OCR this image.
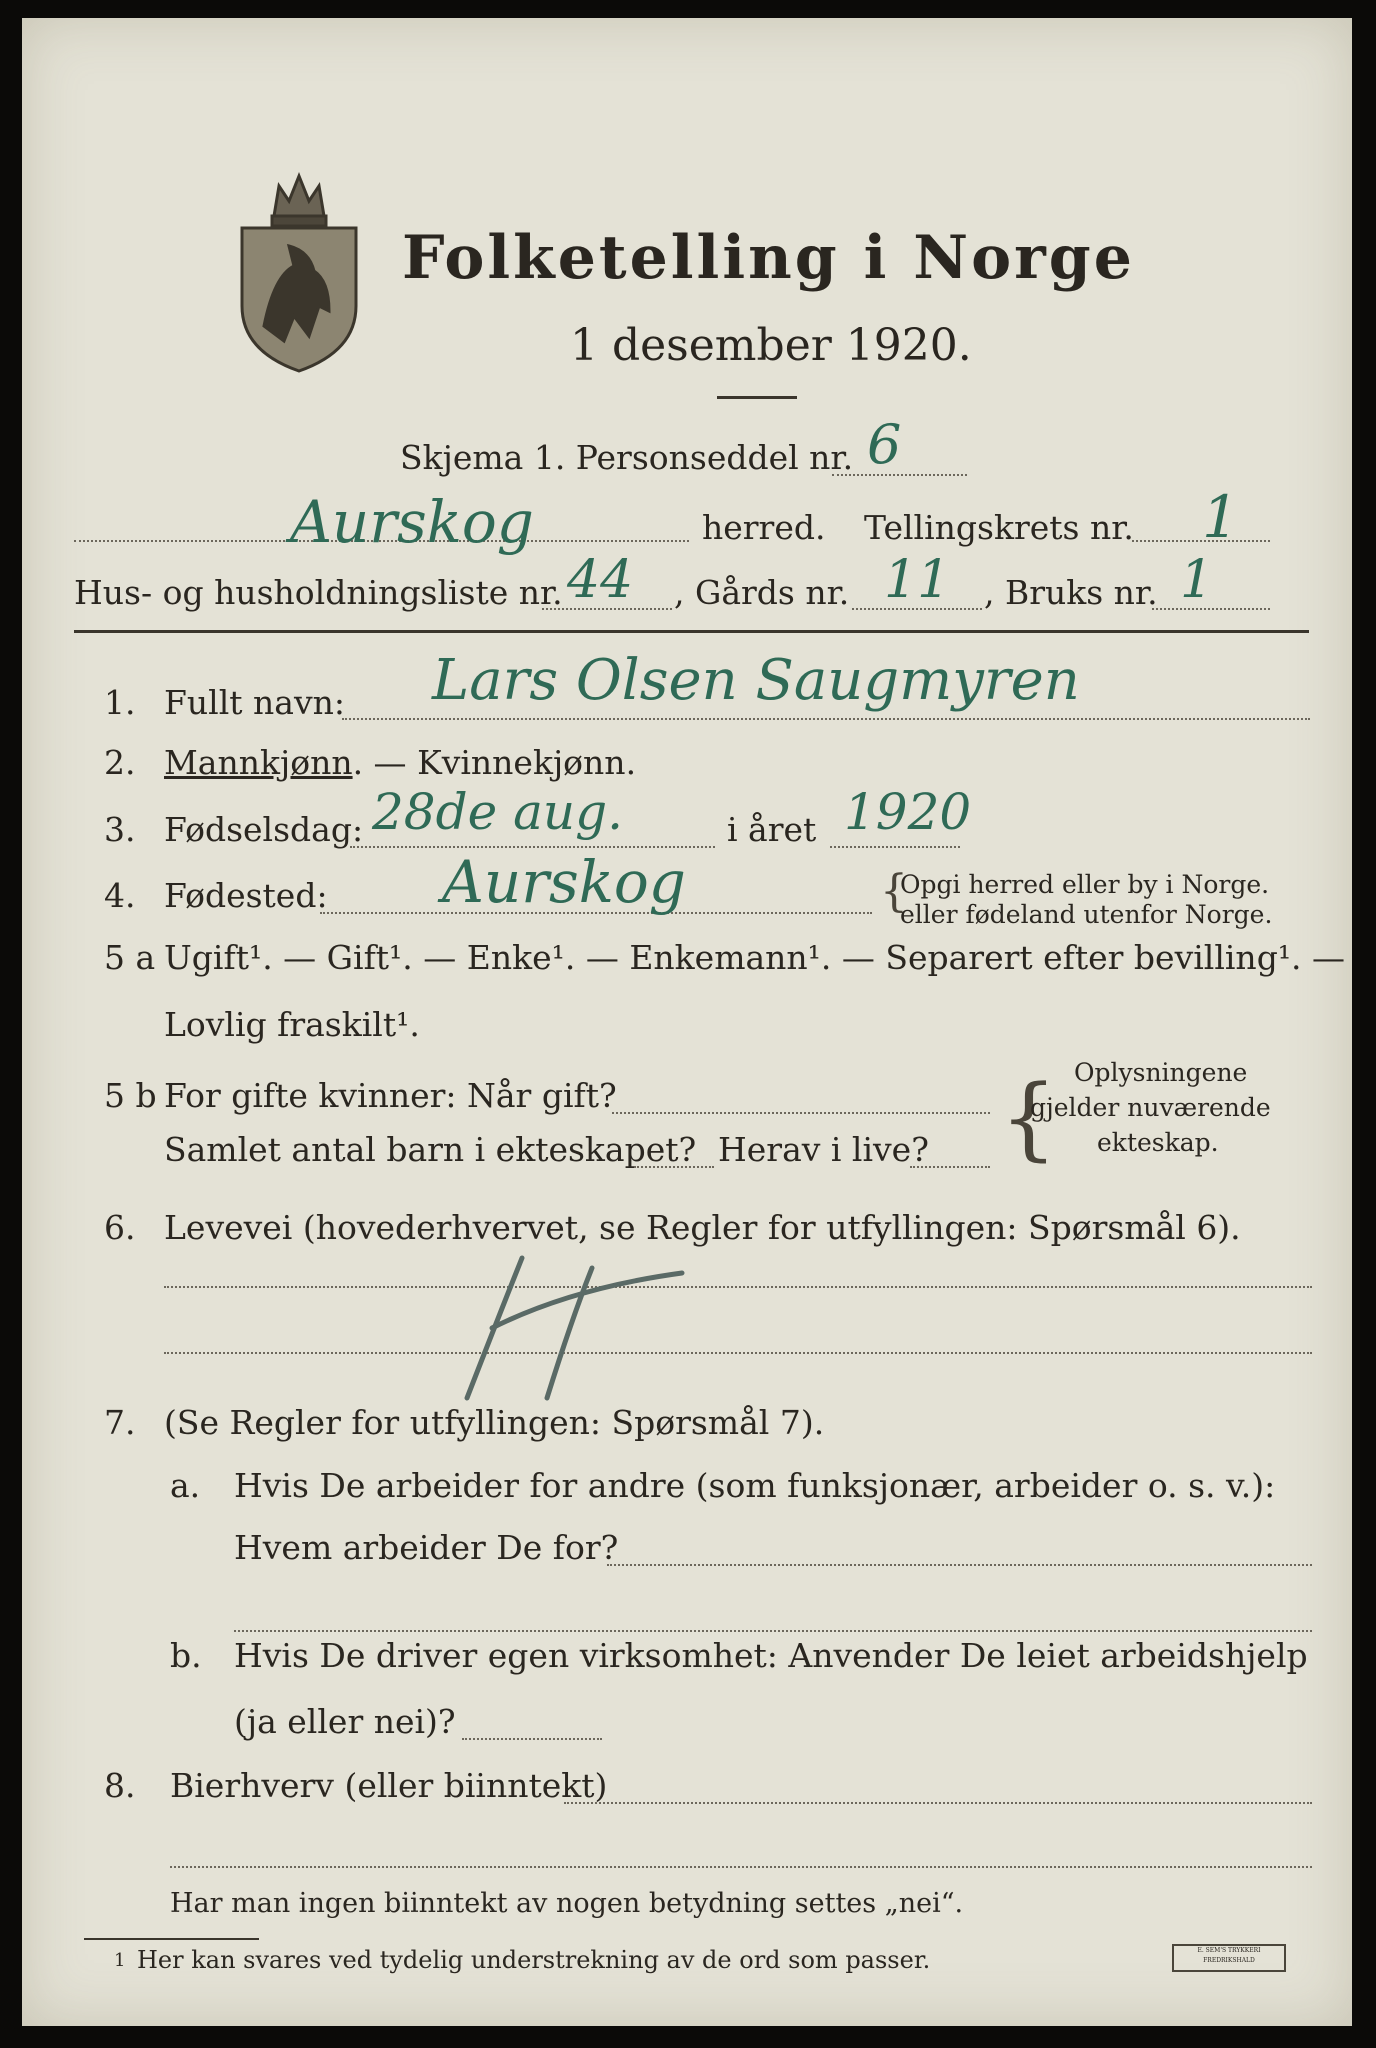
Folketelling i Norge
1 desember 1920.
Skjema 1. Personseddel nr. 6
Aurskog	herred. Tellingskrets nr. 1
Hus- og husholdningsliste nr. 44 , Gårds nr. 11 , Bruks nr. 1
1. Fullt navn: Lars Olsen Saugmyren
2. Mannkjønn. — Kvinnekjønn.
3. Fødselsdag: 28de aug.	i året 1920
4. Fødested: Aurskog	{
Opgi herred eller by i Norge.
eller fødeland utenfor Norge.
5 a Ugift¹. — Gift¹. — Enke¹. — Enkemann¹. — Separert efter bevilling¹. —
Lovlig fraskilt¹.
5 b For gifte kvinner: Når gift?
Samlet antal barn i ekteskapet? Herav i live? { Oplysningene
gjelder nuværende
ekteskap.
6. Levevei (hovederhvervet, se Regler for utfyllingen: Spørsmål 6).
7. (Se Regler for utfyllingen: Spørsmål 7).
a. Hvis De arbeider for andre (som funksjonær, arbeider o. s. v.):
Hvem arbeider De for?
b. Hvis De driver egen virksomhet: Anvender De leiet arbeidshjelp
(ja eller nei)?
8. Bierhverv (eller biinntekt)
Har man ingen biinntekt av nogen betydning settes „nei“.
1 Her kan svares ved tydelig understrekning av de ord som passer.	E. SEM'S TRYKKERI FREDRIKSHALD
